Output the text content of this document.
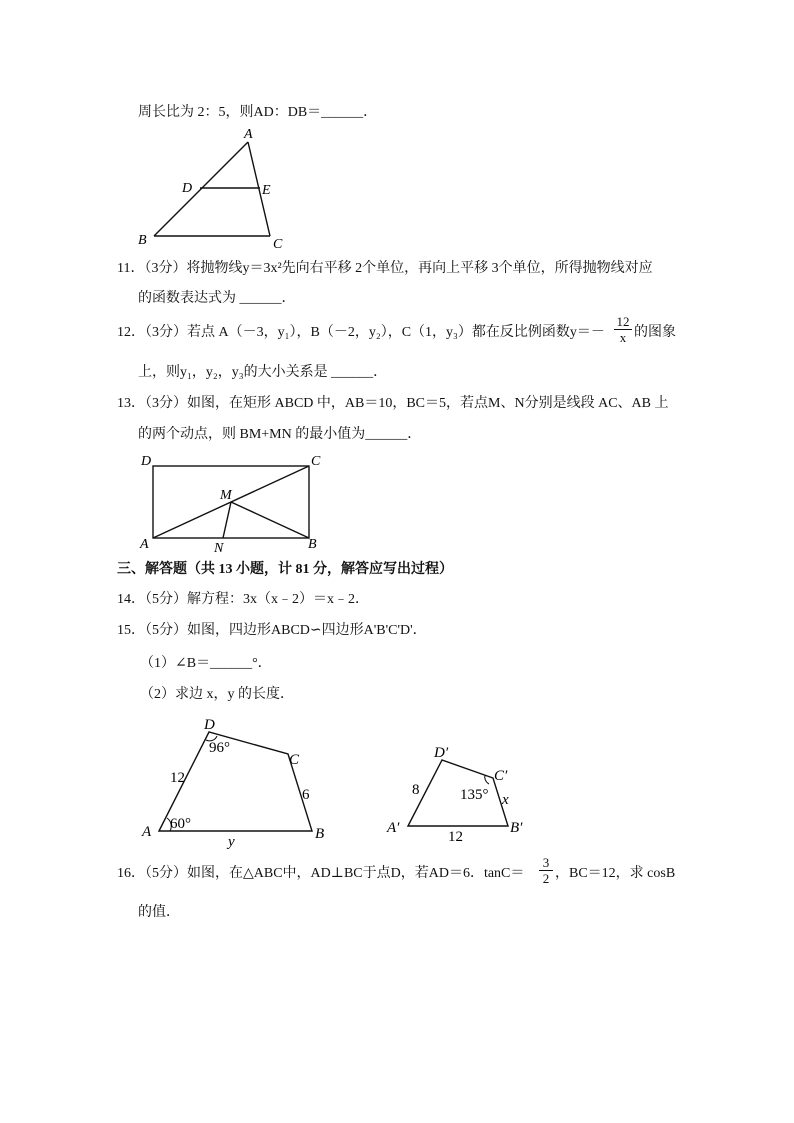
周长比为 2：5，则AD：DB＝______．
A
D	E
B	C
11．（3分）将抛物线y＝3x²先向右平移 2个单位，再向上平移 3个单位，所得抛物线对应
的函数表达式为 ______．
12．（3分）若点 A（－3，y₁），B（－2，y₂），C（1，y₃）都在反比例函数y＝－
12
x 的图象
上，则y₁，y₂，y₃的大小关系是 ______．
13．（3分）如图，在矩形 ABCD 中，AB＝10，BC＝5，若点M、N分别是线段 AC、AB 上
的两个动点，则 BM+MN 的最小值为______．
D	C
M
A	N	B
三、解答题（共 13 小题，计 81 分，解答应写出过程）
14．（5分）解方程：3x（x﹣2）＝x﹣2．
15．（5分）如图，四边形ABCD∽四边形A'B'C'D'．
（1）∠B＝______°．
（2）求边 x，y 的长度．
D
C
A	B
12
6
y
96°
60°
D′
C′
A′	B′
8
12
x
135°
16．（5分）如图，在△ABC中，AD⊥BC于点D，若AD＝6．tanC＝
3
2 ，BC＝12，求 cosB
的值．
